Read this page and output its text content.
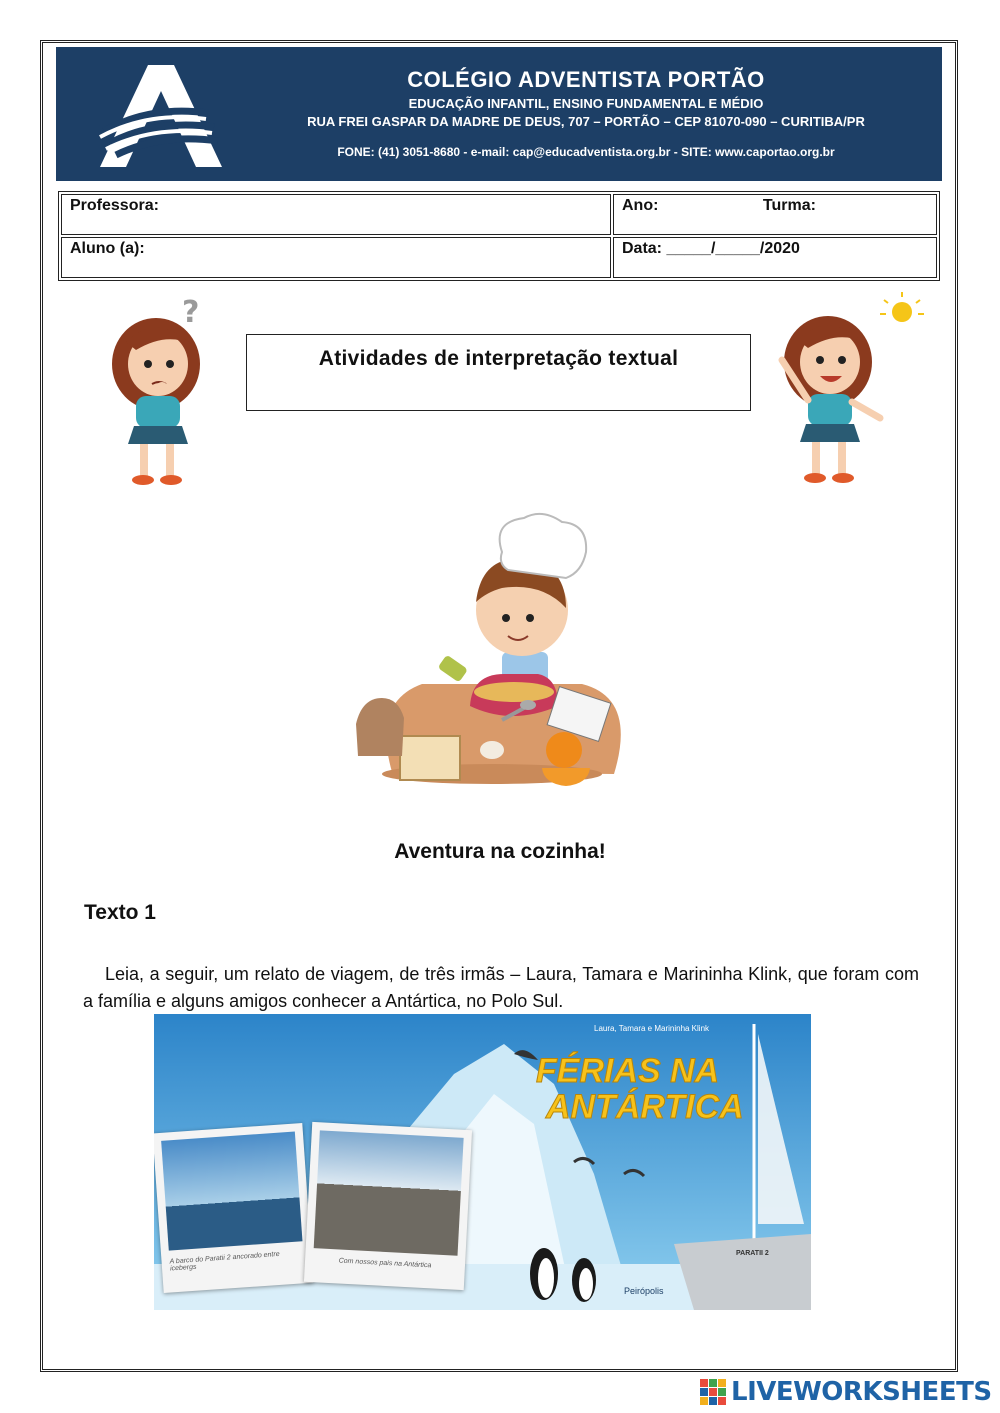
COLÉGIO ADVENTISTA PORTÃO
EDUCAÇÃO INFANTIL, ENSINO FUNDAMENTAL E MÉDIO
RUA FREI GASPAR DA MADRE DE DEUS, 707 – PORTÃO – CEP 81070-090 – CURITIBA/PR
FONE: (41) 3051-8680 - e-mail: cap@educadventista.org.br - SITE: www.caportao.org.br
Professora:	Ano: Turma:
Aluno (a):	Data: _____/_____/2020
?
Atividades de interpretação textual
Aventura na cozinha!
Texto 1
Leia, a seguir, um relato de viagem, de três irmãs – Laura, Tamara e Marininha Klink, que foram com a família e alguns amigos conhecer a Antártica, no Polo Sul.
Laura, Tamara e Marininha Klink
FÉRIAS NA
ANTÁRTICA
A barco do Paratii 2 ancorado entre icebergs	Com nossos pais na Antártica
PARATII 2
Peirópolis
LIVEWORKSHEETS
